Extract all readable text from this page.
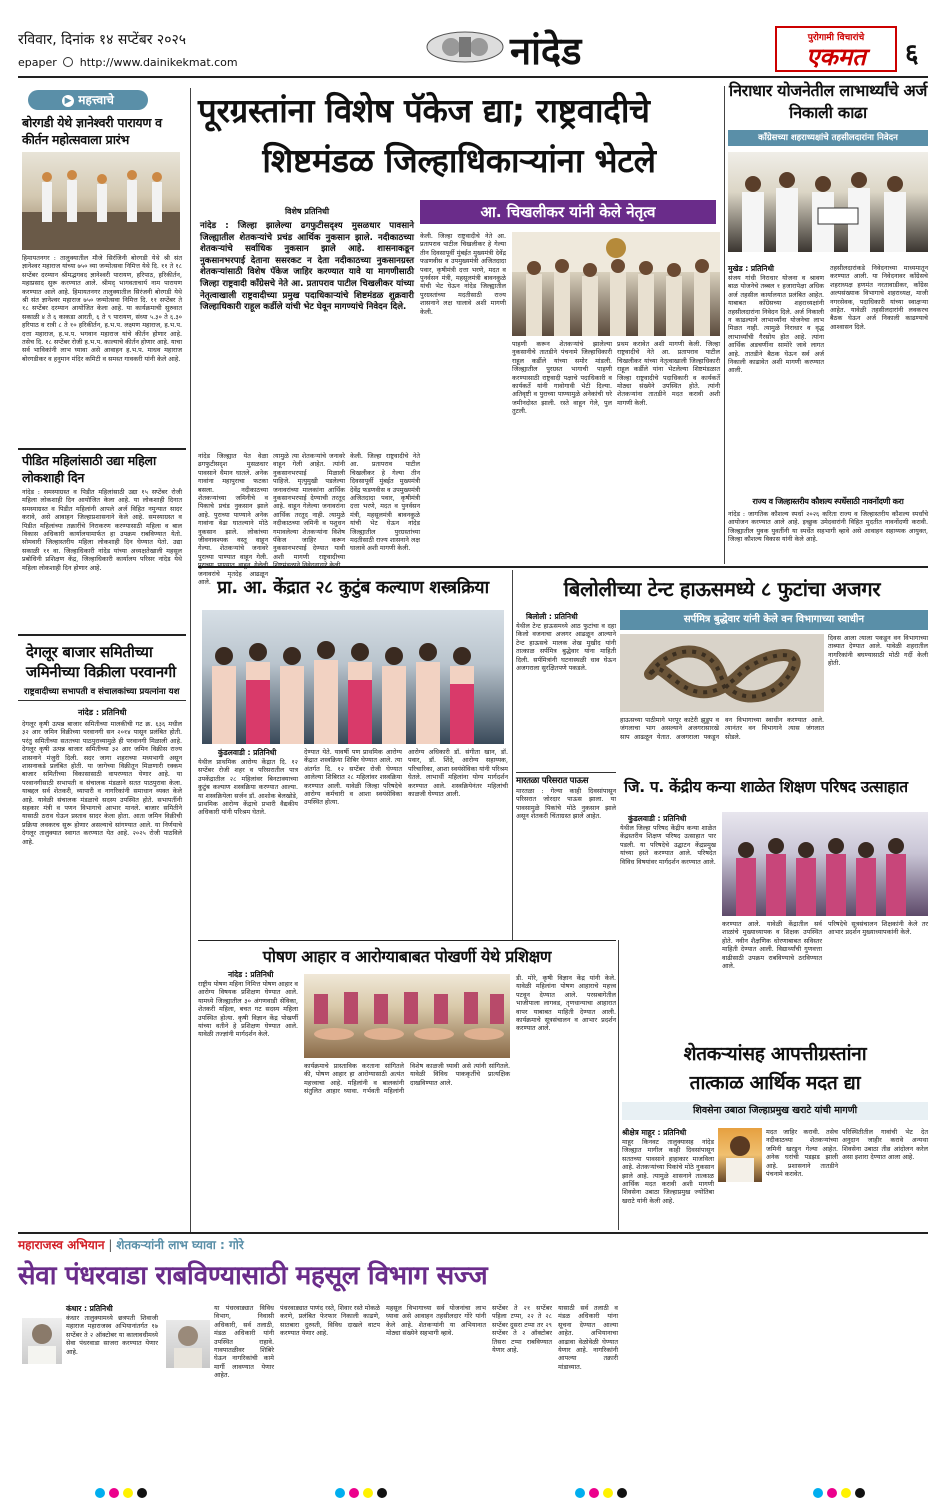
रविवार, दिनांक १४ सप्टेंबर २०२५
epaper http://www.dainikekmat.com	नांदेड	पुरोगामी विचारांचे
एकमत	६
▶ महत्त्वाचे
बोरगडी येथे ज्ञानेश्वरी पारायण व कीर्तन महोत्सवाला प्रारंभ
हिमायतनगर : तालुक्यातील मौजे सिरंजिनी बोरगडी येथे श्री संत ज्ञानेश्वर महाराज यांच्या ७५० व्या जन्मोत्सवा निमित्त येथे दि. ११ ते १८ सप्टेंबर दरम्यान श्रीमद्भगवद ज्ञानेश्वरी पारायण, हरिपाठ, हरिकीर्तन, महाप्रसाद सुरू करण्यात आले. श्रीमद् भागवताचार्य नाम पारायण करण्यात आले आहे. हिमायतनगर तालुक्यातील सिरंजनी बोरगडी येथे श्री संत ज्ञानेश्वर महाराज ७५० जन्मोत्सवा निमित्त दि. ११ सप्टेंबर ते १८ सप्टेंबर दरम्यान आयोजित केला आहे. या कार्यक्रमाची सुरुवात सकाळी ४ ते ६ काकडा आरती, ६ ते ९ पारायण, संध्या ५.३० ते ६.३० हरिपाठ व रात्री ८ ते १० हरिकीर्तन, ह.भ.प. लक्ष्मण महाराज, ह.भ.प. दत्ता महाराज, ह.भ.प. भगवान महाराज यांचे कीर्तन होणार आहे. तसेच दि. १८ सप्टेंबर रोजी ह.भ.प. काल्याचे कीर्तन होणार आहे. याचा सर्व भाविकांनी लाभ घ्यावा असे आवाहन ह.भ.प. माधव महाराज बोरगडीकर व हनुमान मंदिर कमिटी व समस्त गावकरी यांनी केले आहे.
पीडित महिलांसाठी उद्या महिला लोकशाही दिन
नांदेड : समस्याग्रस्त व पिडीत महिलांसाठी उद्या १५ सप्टेंबर रोजी महिला लोकशाही दिन आयोजित केला आहे. या लोकशाही दिनात समस्याग्रस्त व पिडीत महिलांनी आपले अर्ज विहित नमुन्यात सादर करावे, असे आवाहन जिल्हाप्रशासनाने केले आहे. समस्याग्रस्त व पिडीत महिलांच्या तक्रारींचे निराकरण करण्यासाठी महिला व बाल विकास अधिकारी कार्यालयामार्फत हा उपक्रम राबविण्यात येतो. सोमवारी जिल्हास्तरीय महिला लोकशाही दिन घेण्यात येतो. उद्या सकाळी ११ वा. जिल्हाधिकारी नांदेड यांच्या अध्यक्षतेखाली महसूल प्रबोधिनी प्रशिक्षण केंद्र, जिल्हाधिकारी कार्यालय परिसर नांदेड येथे महिला लोकशाही दिन होणार आहे.
देगलूर बाजार समितीच्या जमिनीच्या विक्रीला परवानगी
राष्ट्रवादीच्या सभापती व संचालकांच्या प्रयत्नांना यश
नांदेड : प्रतिनिधी
देगलूर कृषी उत्पन्न बाजार समितीच्या मालकीची गट क्र. ६३६ मधील ३२ आर जमिन विक्रीच्या परवानगी सन २०१४ पासून प्रलंबित होती. परंतु समितीच्या सततच्या पाठपुराव्यामुळे ही परवानगी मिळाली आहे. देगलूर कृषी उत्पन्न बाजार समितीच्या ३२ आर जमिन विक्रीस राज्य शासनाने मंजुरी दिली. सदर जागा शहराच्या मध्यभागी असून शासनाकडे प्रलंबित होती. या जागेच्या विक्रीतून मिळणारी रक्कम बाजार समितीच्या विकासासाठी वापरण्यात येणार आहे. या परवानगीसाठी सभापती व संचालक मंडळाने सतत पाठपुरावा केला. याबद्दल सर्व शेतकरी, व्यापारी व नागरिकांनी समाधान व्यक्त केले आहे. यावेळी संचालक मंडळाचे सदस्य उपस्थित होते. सभापतींनी सहकार मंत्री व पणन विभागाचे आभार मानले. बाजार समितीने यासाठी ठराव घेऊन प्रस्ताव सादर केला होता. आता जमिन विक्रीची प्रक्रिया लवकरच सुरू होणार असल्याचे सांगण्यात आले. या निर्णयाचे देगलूर तालुक्यात स्वागत करण्यात येत आहे. २०२५ रोजी पाठविले आहे.
पूरग्रस्तांना विशेष पॅकेज द्या; राष्ट्रवादीचे
शिष्टमंडळ जिल्हाधिकाऱ्यांना भेटले
आ. चिखलीकर यांनी केले नेतृत्व
विशेष प्रतिनिधी
नांदेड : जिल्हा झालेल्या ढगफुटीसदृश्य मुसळधार पावसाने जिल्ह्यातील शेतकऱ्यांचे प्रचंड आर्थिक नुकसान झाले. नदीकाठच्या शेतकऱ्यांचे सर्वाधिक नुकसान झाले आहे. शासनाकडून नुकसानभरपाई देताना ससरकट न देता नदीकाठच्या नुकसानग्रस्त शेतकऱ्यांसाठी विशेष पॅकेज जाहिर करण्यात यावे या मागणीसाठी जिल्हा राष्ट्रवादी काँग्रेसचे नेते आ. प्रतापराव पाटील चिखलीकर यांच्या नेतृत्वाखाली राष्ट्रवादीच्या प्रमुख पदाधिकाऱ्यांचे शिष्टमंडळ शुक्रवारी जिल्हाधिकारी राहूल कर्डीले यांची भेट घेवून मागण्यांचे निवेदन दिले.
नांदेड जिल्ह्यात येत वेळा ढगफुटीसदृश मुसळधार पावसाने थैमान घातले. अनेक गावांना महापुराचा फटका बसला. नदीकाठच्या शेतकऱ्यांच्या जमिनीचे व पिकाचे प्रचंड नुकसान झाले आहे. पुराच्या पाण्याने अनेक गावांना वेढा घातल्याने मोठे नुकसान झाले. लोकांच्या जीवनावश्यक वस्तू वाहून गेल्या. शेतकऱ्यांचे जनावरे पुराच्या पाण्यात वाहून गेली. जनावरांचे मृतदेह आढळून आले.
त्यामुळे त्या शेतकऱ्यांचे जनावरे वाहून गेली आहेत. त्यांनी नुकसानभरपाई मिळाली पाहिजे. मृत्युमुखी पडलेल्या जनावरांच्या मालकांना आर्थिक नुकसानभरपाई देण्याची तरतूद आहे. वाहून गेलेल्या जनावरांना आर्थिक तरतूद नाही. त्यामुळे नदीकाठच्या जमिनी व पशुधन गमावलेल्या शेतकऱ्यांना विशेष पॅकेज जाहिर करून नुकसानभरपाई देण्यात यावी अशी मागणी राष्ट्रवादीच्या
केली. जिल्हा राष्ट्रवादीचे नेते आ. प्रतापराव पाटील चिखलीकर हे गेल्या तीन दिवसापूर्वी मुंबईत मुख्यमंत्री देवेंद्र फडणवीस व उपमुख्यमंत्री अजितदादा पवार, कृषीमंत्री दत्ता भरणे, मदत व पुनर्वसन मंत्री, महसूलमंत्री बावनकुळे यांची भेट घेऊन नांदेड जिल्ह्यातील पुरग्रस्तांच्या मदतीसाठी राज्य शासनाने लक्ष घालावे अशी मागणी केली.
केली. जिल्हा राष्ट्रवादीचे नेते आ. प्रतापराव पाटील चिखलीकर हे गेल्या तीन दिवसापूर्वी मुंबईत मुख्यमंत्री देवेंद्र फडणवीस व उपमुख्यमंत्री अजितदादा पवार, कृषीमंत्री दत्ता भरणे, मदत व पुनर्वसन मंत्री, महसूलमंत्री बावनकुळे यांची भेट घेऊन नांदेड जिल्ह्यातील पुरग्रस्तांच्या मदतीसाठी राज्य शासनाने लक्ष घालावे अशी मागणी केली.
पाहणी करून शेतकऱ्यांचे झालेल्या नुकसानीचे तातडीने पंचनामे जिल्हाधिकारी राहूल कर्डीले यांच्या समोर मांडली. जिल्ह्यातील पुरग्रस्त भागाची पाहणी करण्यासाठी राष्ट्रवादी पक्षाचे पदाधिकारी व कार्यकर्ते यांनी गावोगावी भेटी दिल्या. अतिवृष्टी व पुराच्या पाण्यामुळे अनेकांची घरे जमीनदोस्त झाली. रस्ते वाहून गेले, पुल तुटली.
प्रथम करावेत अशी मागणी केली. जिल्हा राष्ट्रवादीचे नेते आ. प्रतापराव पाटील चिखलीकर यांच्या नेतृत्वाखाली जिल्हाधिकारी राहूल कर्डीले यांना भेटलेल्या शिष्टमंडळात जिल्हा राष्ट्रवादीचे पदाधिकारी व कार्यकर्ते मोठ्या संख्येने उपस्थित होते. त्यांनी शेतकऱ्यांना तातडीने मदत करावी अशी मागणी केली.
निराधार योजनेतील लाभार्थ्यांचे अर्ज निकाली काढा
काँग्रेसच्या शहराध्यक्षांचे तहसीलदारांना निवेदन
मुखेड : प्रतिनिधी
संजय गांधी निराधार योजना व श्रावण बाळ योजनेचे तब्बल १ हजारापेक्षा अधिक अर्ज तहसील कार्यालयात प्रलंबित आहेत. याबाबत काँग्रेसच्या शहराध्यक्षांनी तहसीलदारांना निवेदन दिले. अर्ज निकाली न काढल्याने लाभार्थ्यांना योजनेचा लाभ मिळत नाही. त्यामुळे निराधार व वृद्ध लाभार्थ्यांची गैरसोय होत आहे. त्यांना आर्थिक अडचणींना सामोरे जावे लागत आहे. तातडीने बैठक घेऊन सर्व अर्ज निकाली काढावेत अशी मागणी करण्यात आली.
तहसीलदारांकडे निवेदनाच्या माध्यमातून करण्यात आली. या निवेदनावर काँग्रेसचे शहराध्यक्ष हणमंत नरतावाडीकर, काँग्रेस अल्पसंख्याक विभागाचे शहराध्यक्ष, माजी नगरसेवक, पदाधिकारी यांच्या स्वाक्षऱ्या आहेत. यावेळी तहसीलदारांनी लवकरच बैठक घेऊन अर्ज निकाली काढण्याचे आश्वासन दिले.
राज्य व जिल्हास्तरीय कौशल्य स्पर्धेसाठी नावनोंदणी करा
नांदेड : जागतिक कौशल्य स्पर्धा २०२६ करिता राज्य व जिल्हास्तरीय कौशल्य स्पर्धांचे आयोजन करण्यात आले आहे. इच्छुक उमेदवारांनी विहित मुदतीत नावनोंदणी करावी. जिल्ह्यातील युवक युवतींनी या स्पर्धेत सहभागी व्हावे असे आवाहन सहाय्यक आयुक्त, जिल्हा कौशल्य विकास यांनी केले आहे.
प्रा. आ. केंद्रात २८ कुटुंब कल्याण शस्त्रक्रिया
कुंडलवाडी : प्रतिनिधी
येथील प्राथमिक आरोग्य केंद्रात दि. १२ सप्टेंबर रोजी शहर व परिसरातील पात्र उपकेंद्रातील २८ महिलांवर बिनटाक्याच्या कुटुंब कल्याण शस्त्रक्रिया करण्यात आल्या. या शस्त्रक्रियेला सर्जन डॉ. आशोक बेलखोडे, प्राथमिक आरोग्य केंद्राचे प्रभारी वैद्यकीय अधिकारी यांनी परिश्रम घेतले.
देण्यात येते. यावर्षी पण प्राथमिक आरोग्य केंद्रात शस्त्रक्रिया शिबिर घेण्यात आले. त्या अंतर्गत दि. १२ सप्टेंबर रोजी घेण्यात आलेल्या शिबिरात २८ महिलांवर शस्त्रक्रिया करण्यात आली. यावेळी जिल्हा परिषदेचे आरोग्य कर्मचारी व आशा स्वयंसेविका उपस्थित होत्या.
आरोग्य अधिकारी डॉ. संगीता खान, डॉ. पवार, डॉ. शिंदे, आरोग्य सहाय्यक, परिचारिका, आशा स्वयंसेविका यांनी परिश्रम घेतले. लाभार्थी महिलांना योग्य मार्गदर्शन करण्यात आले. शस्त्रक्रियेनंतर महिलांची काळजी घेण्यात आली.
बिलोलीच्या टेन्ट हाऊसमध्ये ८ फुटांचा अजगर
सर्पमित्र बुद्धेवार यांनी केले वन विभागाच्या स्वाधीन
बिलोली : प्रतिनिधी
येथील टेन्ट हाऊसमध्ये आठ फुटांचा व दहा किलो वजनाचा अजगर आढळून आल्याने टेन्ट हाऊसचे मालक शेख मुखीद यांनी तात्काळ सर्पमित्र बुद्धेवार यांना माहिती दिली. सर्पमित्रांनी घटनास्थळी धाव घेऊन अजगराला सुरक्षितपणे पकडले.
दिवस आला त्याला पकडून वन विभागाच्या ताब्यात देण्यात आले. यावेळी शहरातील नागरिकांनी बघण्यासाठी मोठी गर्दी केली होती.
हाऊसच्या पाठीमागे भरपूर काटेरी झुडूप व जंगलाचा भाग असल्याने अजगरासारखे साप आढळून येतात. अजगराला पकडून वन विभागाच्या स्वाधीन करण्यात आले. त्यानंतर वन विभागाने त्यास जंगलात सोडले.
मारतळा परिसरात पाऊस
मारतळा : गेल्या काही दिवसांपासून परिसरात जोरदार पाऊस झाला. या पावसामुळे पिकांचे मोठे नुकसान झाले असून शेतकरी चिंताग्रस्त झाले आहेत.
जि. प. केंद्रीय कन्या शाळेत शिक्षण परिषद उत्साहात
कुंडलवाडी : प्रतिनिधी
येथील जिल्हा परिषद केंद्रीय कन्या शाळेत केंद्रस्तरीय शिक्षण परिषद उत्साहात पार पडली. या परिषदेचे उद्घाटन केंद्रप्रमुख यांच्या हस्ते करण्यात आले. परिषदेत विविध विषयांवर मार्गदर्शन करण्यात आले.
करण्यात आले. यावेळी केंद्रातील सर्व शाळांचे मुख्याध्यापक व शिक्षक उपस्थित होते. नवीन शैक्षणिक धोरणाबाबत सविस्तर माहिती देण्यात आली. विद्यार्थ्यांची गुणवत्ता वाढीसाठी उपक्रम राबविण्याचे ठरविण्यात आले.
परिषदेचे सूत्रसंचालन शिक्षकांनी केले तर आभार प्रदर्शन मुख्याध्यापकांनी केले.
पोषण आहार व आरोग्याबाबत पोखर्णी येथे प्रशिक्षण
नांदेड : प्रतिनिधी
राष्ट्रीय पोषण महिना निमित्त पोषण आहार व आरोग्य विषयक प्रशिक्षण घेण्यात आले. यामध्ये जिल्ह्यातील ३० अंगणवाडी सेविका, शेतकरी महिला, बचत गट सदस्य महिला उपस्थित होत्या. कृषी विज्ञान केंद्र पोखर्णी यांच्या वतीने हे प्रशिक्षण घेण्यात आले. यावेळी तज्ज्ञांनी मार्गदर्शन केले.
कार्यक्रमाचे प्रास्ताविक करताना सांगितले की, पोषण आहार हा आरोग्यासाठी अत्यंत महत्त्वाचा आहे. महिलांनी व बालकांनी संतुलित आहार घ्यावा. गर्भवती महिलांनी विशेष काळजी घ्यावी असे त्यांनी सांगितले. यावेळी विविध पाककृतींचे प्रात्यक्षिक दाखविण्यात आले.
डी. मोरे, कृषी विज्ञान केंद्र यांनी केले. यावेळी महिलांना पोषण आहाराचे महत्त्व पटवून देण्यात आले. परसबागेतील भाजीपाला लागवड, तृणधान्याचा आहारात वापर याबाबत माहिती देण्यात आली. कार्यक्रमाचे सूत्रसंचालन व आभार प्रदर्शन करण्यात आले.
शेतकऱ्यांसह आपत्तीग्रस्तांना
तात्काळ आर्थिक मदत द्या
शिवसेना उबाठा जिल्हाप्रमुख खराटे यांची मागणी
श्रीक्षेत्र माहूर : प्रतिनिधी
माहूर किनवट तालुक्यासह नांदेड जिल्ह्यात मागील काही दिवसांपासून सततच्या पावसाने हाहाकार माजविला आहे. शेतकऱ्यांच्या पिकांचे मोठे नुकसान झाले आहे. त्यामुळे शासनाने तात्काळ आर्थिक मदत करावी अशी मागणी शिवसेना उबाठा जिल्हाप्रमुख ज्योतिबा खराटे यांनी केली आहे.
मदत जाहिर करावी. तसेच नदीकाठच्या शेतकऱ्यांच्या जमिनी खरडून गेल्या आहेत. अनेक घरांची पडझड झाली आहे. प्रशासनाने तातडीने पंचनामे करावेत.
परिस्थितीतील गावांची भेट देत अनुदान जाहीर करावे अन्यथा शिवसेना उबाठा तीव्र आंदोलन करेल असा इशारा देण्यात आला आहे.
महाराजस्व अभियान | शेतकऱ्यांनी लाभ घ्यावा : गोरे
सेवा पंधरवाडा राबविण्यासाठी महसूल विभाग सज्ज
कंधार : प्रतिनिधी
कंधार तालुक्यामध्ये छत्रपती शिवाजी महाराज महाराजस्व अभियानांतर्गत १७ सप्टेंबर ते २ ऑक्टोबर या कालावधीमध्ये सेवा पंधरवाडा साजरा करण्यात येणार आहे.
या पंधरवाड्यात विविध विभाग, निवासी अधिकारी, सर्व तलाठी, मंडळ अधिकारी यांनी उपस्थित राहावे. गावपातळीवर शिबिरे घेऊन नागरिकांची कामे मार्गी लावण्यात येणार आहेत.
पंधरवाड्यात पाणंद रस्ते, शिवार रस्ते मोकळे करणे, प्रलंबित फेरफार निकाली काढणे, सातबारा दुरुस्ती, विविध दाखले वाटप करण्यात येणार आहे.
महसूल विभागाच्या सर्व योजनांचा लाभ घ्यावा असे आवाहन तहसीलदार गोरे यांनी केले आहे. शेतकऱ्यांनी या अभियानात मोठ्या संख्येने सहभागी व्हावे.
सप्टेंबर ते २१ सप्टेंबर पहिला टप्पा, २२ ते २८ सप्टेंबर दुसरा टप्पा तर २९ सप्टेंबर ते २ ऑक्टोबर तिसरा टप्पा राबविण्यात येणार आहे.
यासाठी सर्व तलाठी व मंडळ अधिकारी यांना सूचना देण्यात आल्या आहेत. अभियानाचा आढावा वेळोवेळी घेण्यात येणार आहे. नागरिकांनी आपल्या तक्रारी मांडाव्यात.
